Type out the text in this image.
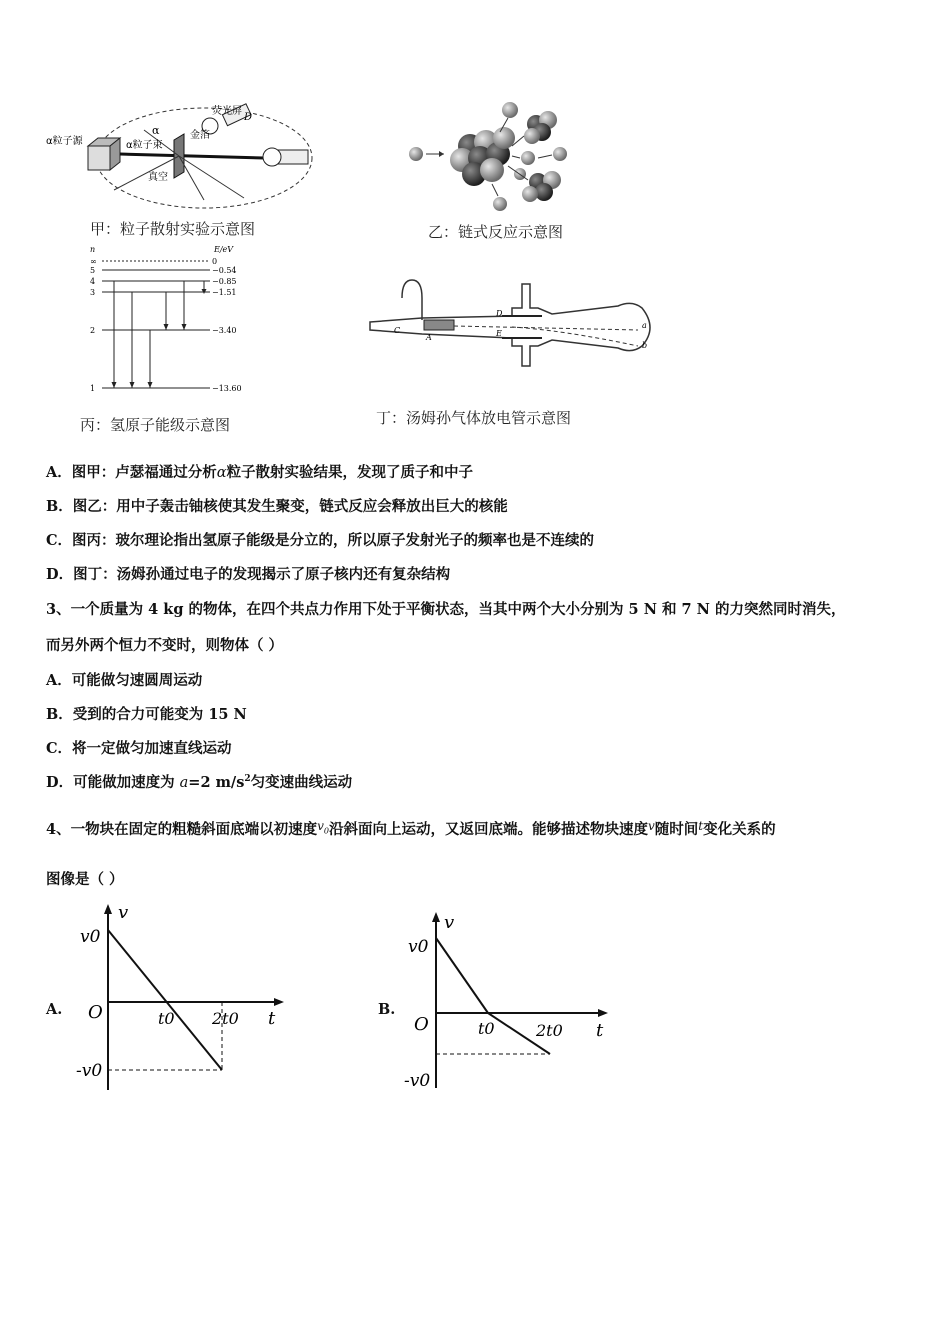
α粒子源	α粒子束
金箔
荧光屏
真空
α
D
甲：粒子散射实验示意图	乙：链式反应示意图
∞	0
5	−0.54
4	−0.85
3	−1.51
2	−3.40
1	−13.60
n	E/eV
丙：氢原子能级示意图
C
A
D
E
a
b
丁：汤姆孙气体放电管示意图
A．图甲：卢瑟福通过分析α粒子散射实验结果，发现了质子和中子
B．图乙：用中子轰击铀核使其发生聚变，链式反应会释放出巨大的核能
C．图丙：玻尔理论指出氢原子能级是分立的，所以原子发射光子的频率也是不连续的
D．图丁：汤姆孙通过电子的发现揭示了原子核内还有复杂结构
3、一个质量为 4 kg 的物体，在四个共点力作用下处于平衡状态，当其中两个大小分别为 5 N 和 7 N 的力突然同时消失，
而另外两个恒力不变时，则物体（ ）
A．可能做匀速圆周运动
B．受到的合力可能变为 15 N
C．将一定做匀加速直线运动
D．可能做加速度为 a=2 $m/s^2$匀变速曲线运动
4、一物块在固定的粗糙斜面底端以初速度$^{v_0}$沿斜面向上运动，又返回底端。能够描述物块速度$^v$随时间$^t$变化关系的
图像是（ ）
A.
v
t
v0
-v0
O	t0 2t0	B.
v
t
v0
-v0
O	t0	2t0
